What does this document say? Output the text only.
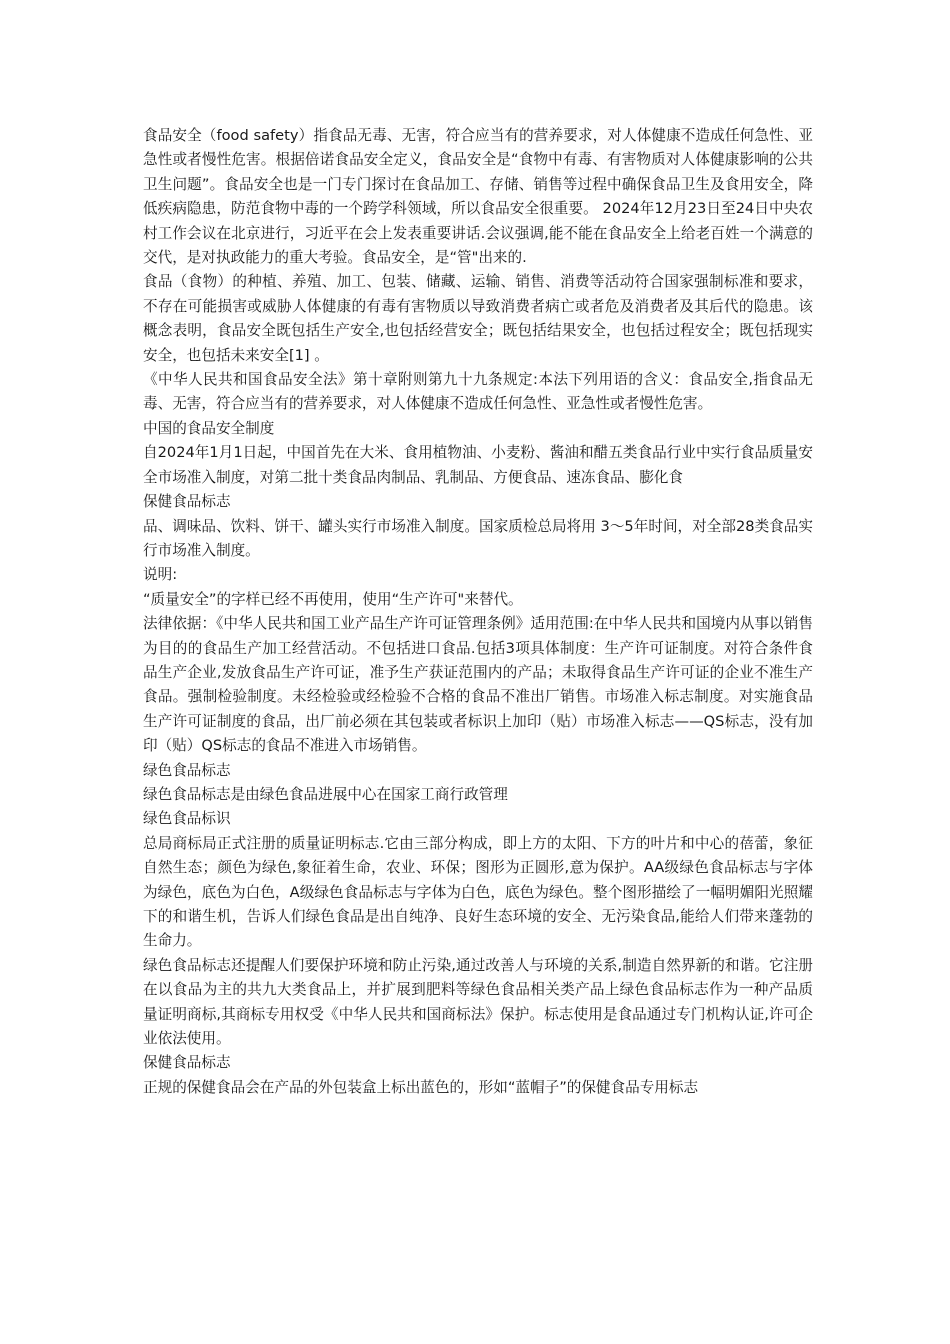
食品安全（food safety）指食品无毒、无害，符合应当有的营养要求，对人体健康不造成任何急性、亚急性或者慢性危害。根据倍诺食品安全定义，食品安全是“食物中有毒、有害物质对人体健康影响的公共卫生问题”。食品安全也是一门专门探讨在食品加工、存储、销售等过程中确保食品卫生及食用安全，降低疾病隐患，防范食物中毒的一个跨学科领域，所以食品安全很重要。 2024年12月23日至24日中央农村工作会议在北京进行，习近平在会上发表重要讲话.会议强调,能不能在食品安全上给老百姓一个满意的交代，是对执政能力的重大考验。食品安全，是“管"出来的.

食品（食物）的种植、养殖、加工、包装、储藏、运输、销售、消费等活动符合国家强制标准和要求，不存在可能损害或威胁人体健康的有毒有害物质以导致消费者病亡或者危及消费者及其后代的隐患。该概念表明，食品安全既包括生产安全,也包括经营安全；既包括结果安全，也包括过程安全；既包括现实安全，也包括未来安全[1] 。

《中华人民共和国食品安全法》第十章附则第九十九条规定:本法下列用语的含义：食品安全,指食品无毒、无害，符合应当有的营养要求，对人体健康不造成任何急性、亚急性或者慢性危害。

中国的食品安全制度

自2024年1月1日起，中国首先在大米、食用植物油、小麦粉、酱油和醋五类食品行业中实行食品质量安全市场准入制度，对第二批十类食品肉制品、乳制品、方便食品、速冻食品、膨化食

保健食品标志

品、调味品、饮料、饼干、罐头实行市场准入制度。国家质检总局将用 3～5年时间，对全部28类食品实行市场准入制度。

说明:

“质量安全”的字样已经不再使用，使用“生产许可"来替代。

法律依据：《中华人民共和国工业产品生产许可证管理条例》适用范围:在中华人民共和国境内从事以销售为目的的食品生产加工经营活动。不包括进口食品.包括3项具体制度：生产许可证制度。对符合条件食品生产企业,发放食品生产许可证，准予生产获证范围内的产品；未取得食品生产许可证的企业不准生产食品。强制检验制度。未经检验或经检验不合格的食品不准出厂销售。市场准入标志制度。对实施食品生产许可证制度的食品，出厂前必须在其包装或者标识上加印（贴）市场准入标志——QS标志，没有加印（贴）QS标志的食品不准进入市场销售。

绿色食品标志

绿色食品标志是由绿色食品进展中心在国家工商行政管理

绿色食品标识

总局商标局正式注册的质量证明标志.它由三部分构成，即上方的太阳、下方的叶片和中心的蓓蕾，象征自然生态；颜色为绿色,象征着生命，农业、环保；图形为正圆形,意为保护。AA级绿色食品标志与字体为绿色，底色为白色，A级绿色食品标志与字体为白色，底色为绿色。整个图形描绘了一幅明媚阳光照耀下的和谐生机，告诉人们绿色食品是出自纯净、良好生态环境的安全、无污染食品,能给人们带来蓬勃的生命力。

绿色食品标志还提醒人们要保护环境和防止污染,通过改善人与环境的关系,制造自然界新的和谐。它注册在以食品为主的共九大类食品上，并扩展到肥料等绿色食品相关类产品上绿色食品标志作为一种产品质量证明商标,其商标专用权受《中华人民共和国商标法》保护。标志使用是食品通过专门机构认证,许可企业依法使用。

保健食品标志

正规的保健食品会在产品的外包装盒上标出蓝色的，形如“蓝帽子”的保健食品专用标志
